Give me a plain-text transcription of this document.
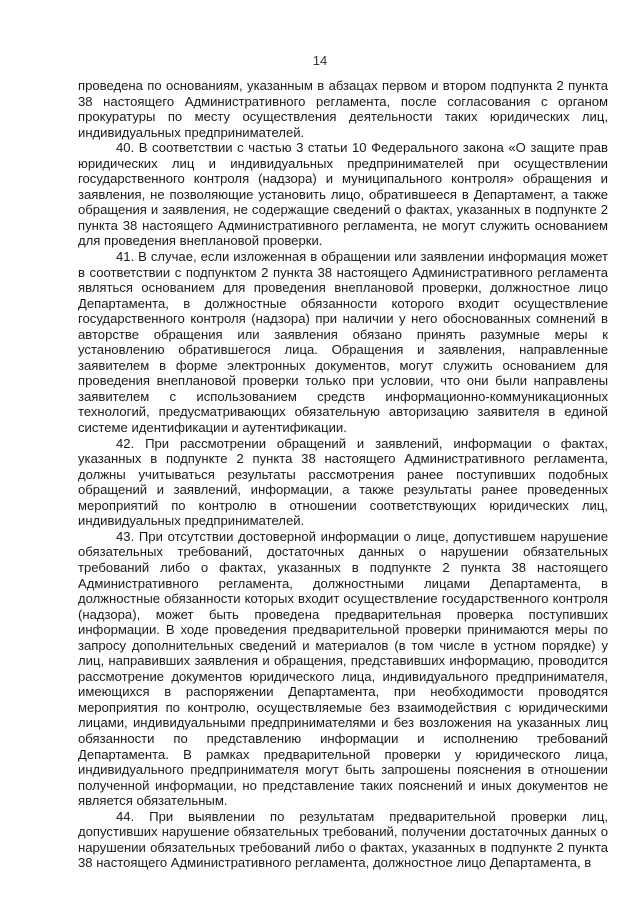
14

проведена по основаниям, указанным в абзацах первом и втором подпункта 2 пункта 38 настоящего Административного регламента, после согласования с органом прокуратуры по месту осуществления деятельности таких юридических лиц, индивидуальных предпринимателей.

40. В соответствии с частью 3 статьи 10 Федерального закона «О защите прав юридических лиц и индивидуальных предпринимателей при осуществлении государственного контроля (надзора) и муниципального контроля» обращения и заявления, не позволяющие установить лицо, обратившееся в Департамент, а также обращения и заявления, не содержащие сведений о фактах, указанных в подпункте 2 пункта 38 настоящего Административного регламента, не могут служить основанием для проведения внеплановой проверки.

41. В случае, если изложенная в обращении или заявлении информация может в соответствии с подпунктом 2 пункта 38 настоящего Административного регламента являться основанием для проведения внеплановой проверки, должностное лицо Департамента, в должностные обязанности которого входит осуществление государственного контроля (надзора) при наличии у него обоснованных сомнений в авторстве обращения или заявления обязано принять разумные меры к установлению обратившегося лица. Обращения и заявления, направленные заявителем в форме электронных документов, могут служить основанием для проведения внеплановой проверки только при условии, что они были направлены заявителем с использованием средств информационно-коммуникационных технологий, предусматривающих обязательную авторизацию заявителя в единой системе идентификации и аутентификации.

42. При рассмотрении обращений и заявлений, информации о фактах, указанных в подпункте 2 пункта 38 настоящего Административного регламента, должны учитываться результаты рассмотрения ранее поступивших подобных обращений и заявлений, информации, а также результаты ранее проведенных мероприятий по контролю в отношении соответствующих юридических лиц, индивидуальных предпринимателей.

43. При отсутствии достоверной информации о лице, допустившем нарушение обязательных требований, достаточных данных о нарушении обязательных требований либо о фактах, указанных в подпункте 2 пункта 38 настоящего Административного регламента, должностными лицами Департамента, в должностные обязанности которых входит осуществление государственного контроля (надзора), может быть проведена предварительная проверка поступивших информации. В ходе проведения предварительной проверки принимаются меры по запросу дополнительных сведений и материалов (в том числе в устном порядке) у лиц, направивших заявления и обращения, представивших информацию, проводится рассмотрение документов юридического лица, индивидуального предпринимателя, имеющихся в распоряжении Департамента, при необходимости проводятся мероприятия по контролю, осуществляемые без взаимодействия с юридическими лицами, индивидуальными предпринимателями и без возложения на указанных лиц обязанности по представлению информации и исполнению требований Департамента. В рамках предварительной проверки у юридического лица, индивидуального предпринимателя могут быть запрошены пояснения в отношении полученной информации, но представление таких пояснений и иных документов не является обязательным.

44. При выявлении по результатам предварительной проверки лиц, допустивших нарушение обязательных требований, получении достаточных данных о нарушении обязательных требований либо о фактах, указанных в подпункте 2 пункта 38 настоящего Административного регламента, должностное лицо Департамента, в
